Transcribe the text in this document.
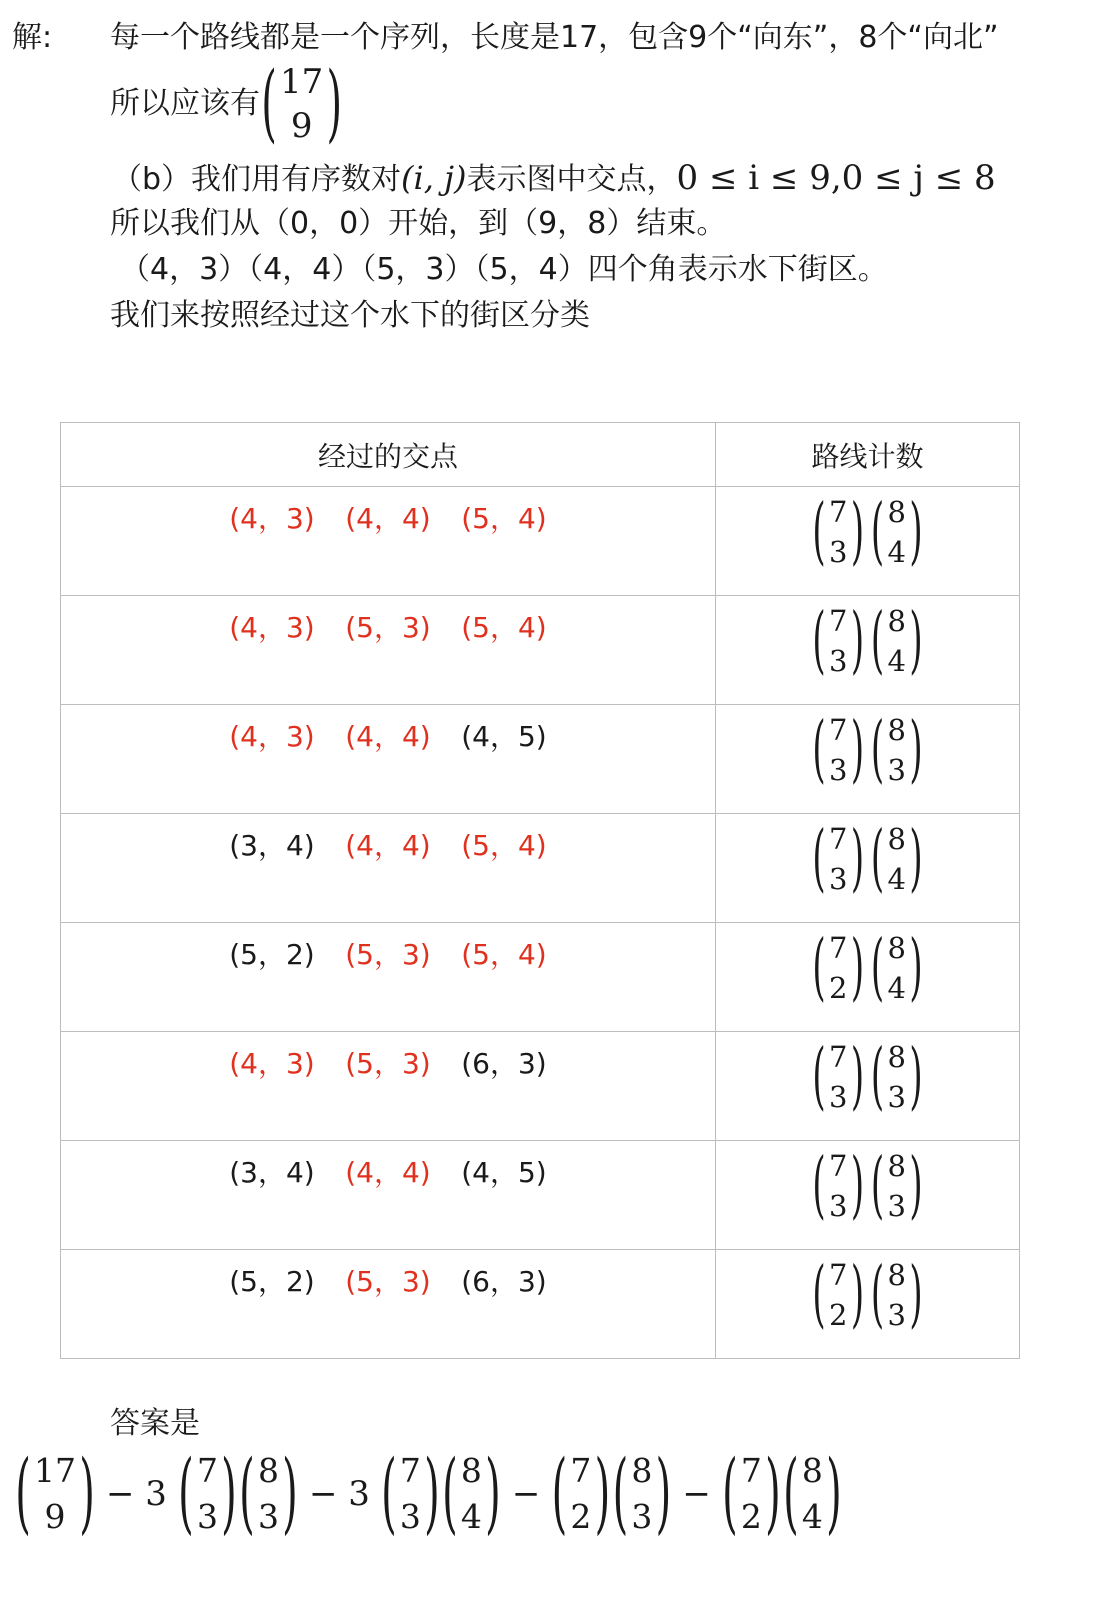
解: 每一个路线都是一个序列，长度是17，包含9个“向东”，8个“向北”
所以应该有 ( 17
9 )
（b）我们用有序数对(i, j)表示图中交点，0 ≤ i ≤ 9,0 ≤ j ≤ 8
所以我们从（0，0）开始，到（9，8）结束。
（4，3）（4，4）（5，3）（5，4）四个角表示水下街区。
我们来按照经过这个水下的街区分类
经过的交点	路线计数
(4，3) (4，4) (5，4)	( 7
3 ) ( 8
4 )
(4，3) (5，3) (5，4)	( 7
3 ) ( 8
4 )
(4，3) (4，4) (4，5)	( 7
3 ) ( 8
3 )
(3，4) (4，4) (5，4)	( 7
3 ) ( 8
4 )
(5，2) (5，3) (5，4)	( 7
2 ) ( 8
4 )
(4，3) (5，3) (6，3)	( 7
3 ) ( 8
3 )
(3，4) (4，4) (4，5)	( 7
3 ) ( 8
3 )
(5，2) (5，3) (6，3)	( 7
2 ) ( 8
3 )
答案是
( 17
9 ) − 3 ( 7
3 ) ( 8
3 ) − 3 ( 7
3 ) ( 8
4 ) − ( 7
2 ) ( 8
3 ) − ( 7
2 ) ( 8
4 )
